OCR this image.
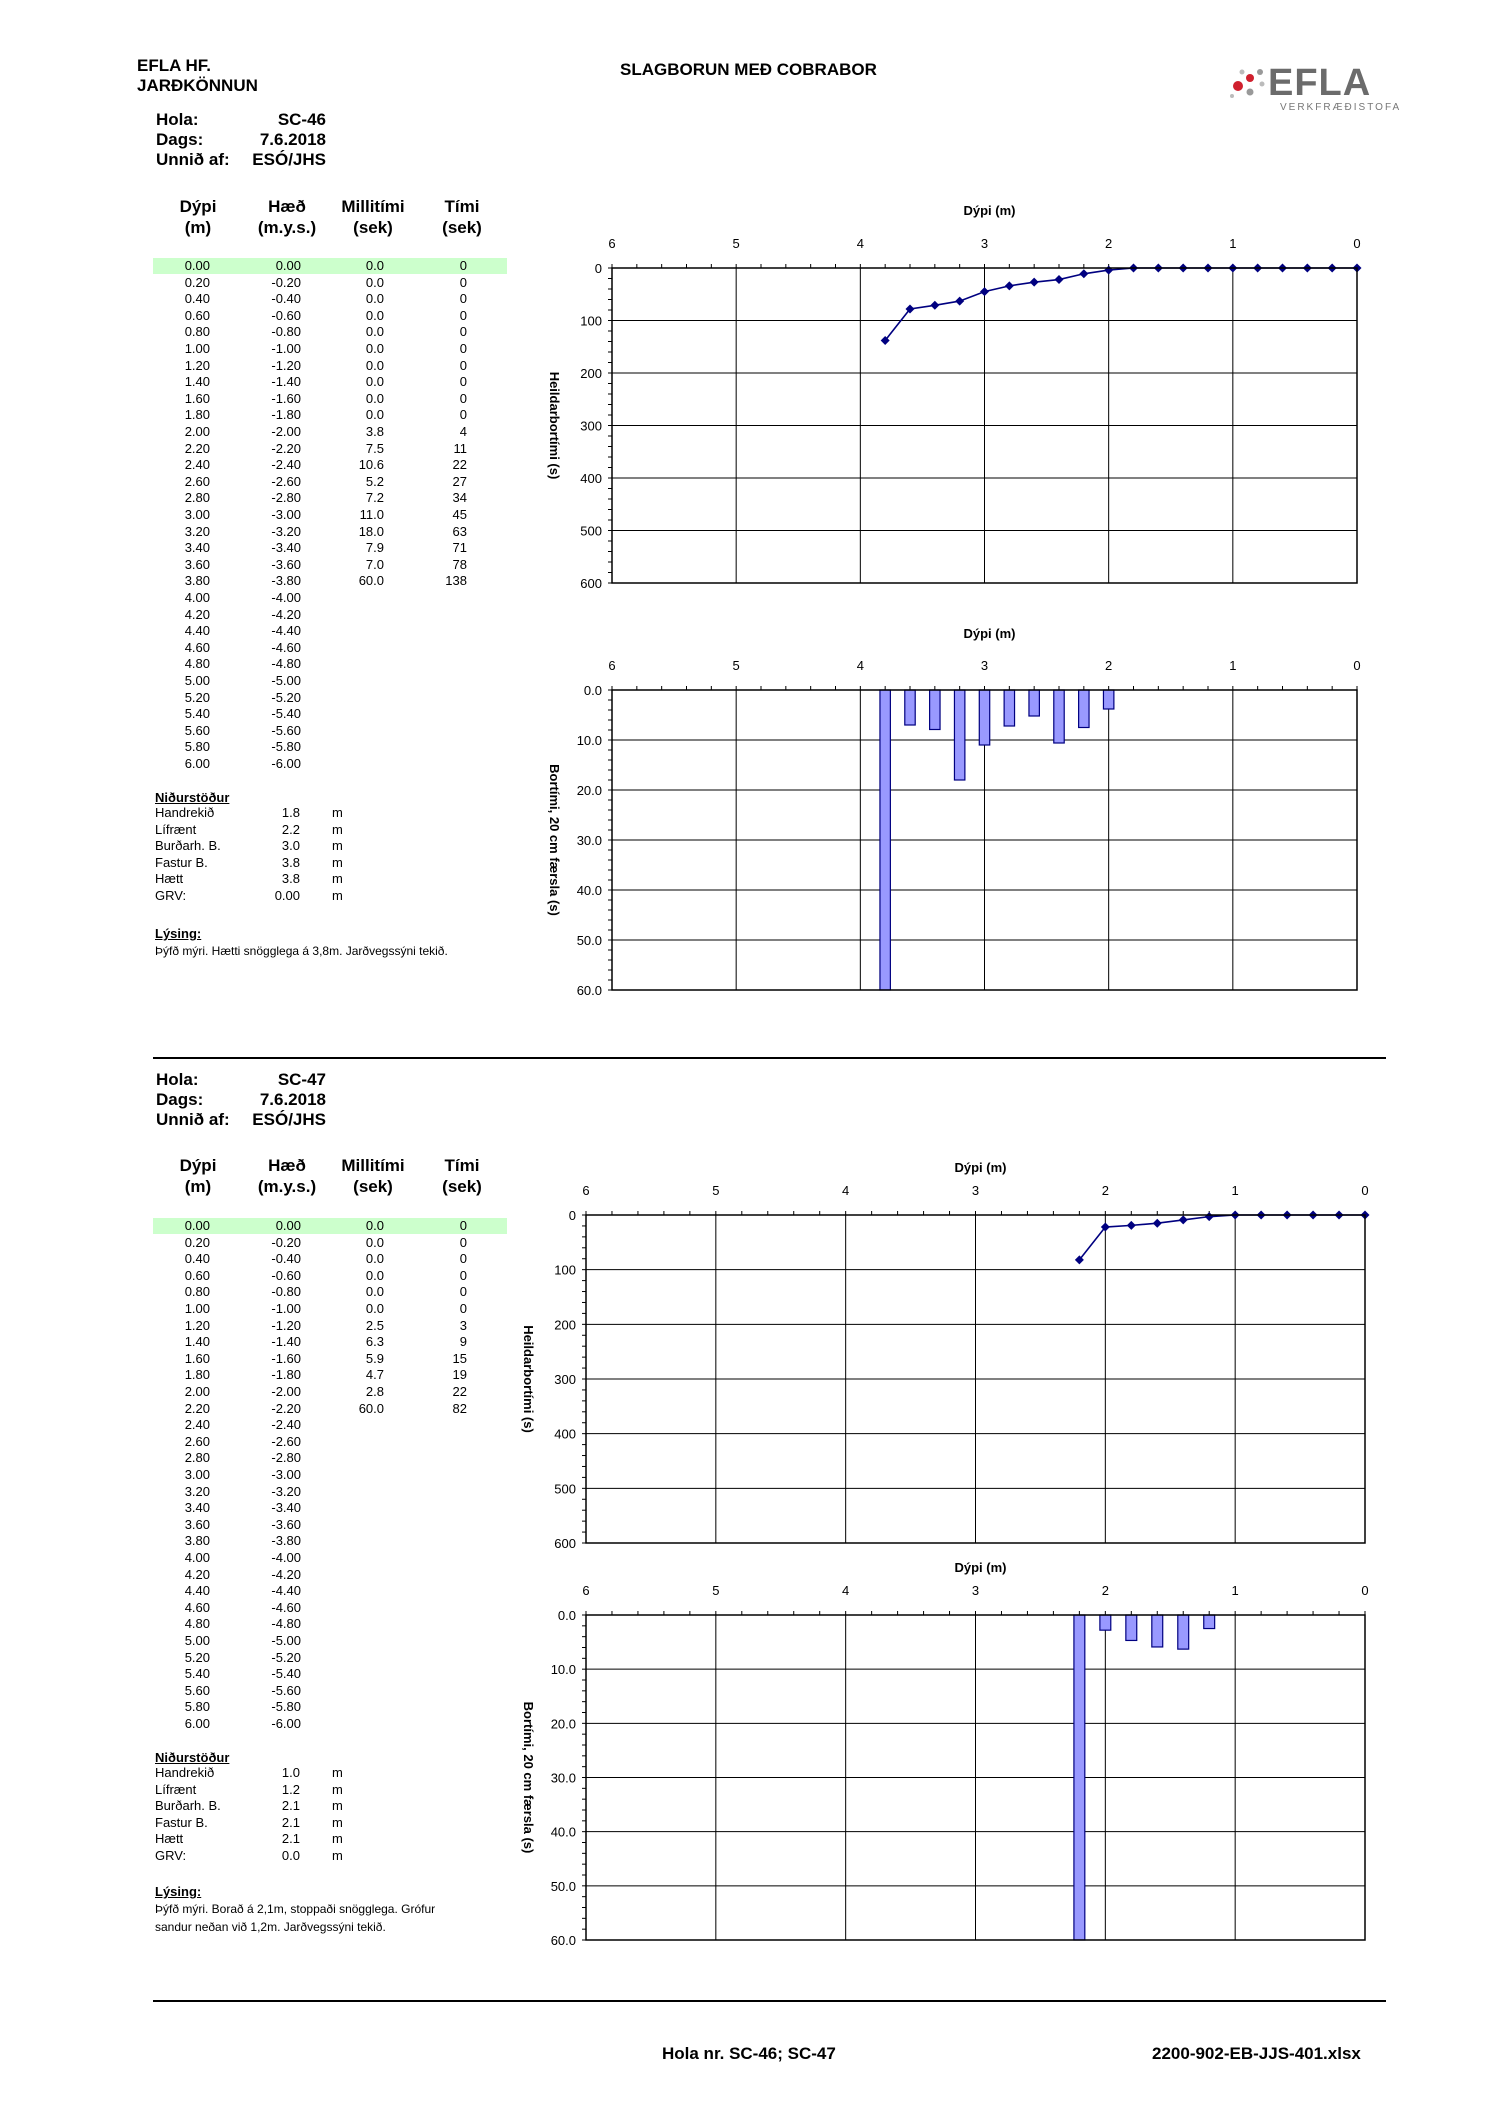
EFLA HF.
JARÐKÖNNUN
SLAGBORUN MEÐ COBRABOR	EFLA
VERKFRÆÐISTOFA
Hola nr. SC-46; SC-47	2200-902-EB-JJS-401.xlsx
Hola:	SC-46
Dags:	7.6.2018
Unnið af: ESÓ/JHS
Dýpi
(m)
Hæð
(m.y.s.)
Millitími
(sek)
Tími
(sek)
0.00	0.00	0.0	0
0.20	-0.20	0.0	0
0.40	-0.40	0.0	0
0.60	-0.60	0.0	0
0.80	-0.80	0.0	0
1.00	-1.00	0.0	0
1.20	-1.20	0.0	0
1.40	-1.40	0.0	0
1.60	-1.60	0.0	0
1.80	-1.80	0.0	0
2.00	-2.00	3.8	4
2.20	-2.20	7.5	11
2.40	-2.40	10.6	22
2.60	-2.60	5.2	27
2.80	-2.80	7.2	34
3.00	-3.00	11.0	45
3.20	-3.20	18.0	63
3.40	-3.40	7.9	71
3.60	-3.60	7.0	78
3.80	-3.80	60.0	138
4.00	-4.00
4.20	-4.20
4.40	-4.40
4.60	-4.60
4.80	-4.80
5.00	-5.00
5.20	-5.20
5.40	-5.40
5.60	-5.60
5.80	-5.80
6.00	-6.00
Niðurstöður
Handrekið	1.8 m
Lífrænt	2.2 m
Burðarh. B.	3.0 m
Fastur B.	3.8 m
Hætt	3.8 m
GRV:	0.00 m
Lýsing:
Þýfð mýri. Hætti snögglega á 3,8m. Jarðvegssýni tekið.
Hola:	SC-47
Dags:	7.6.2018
Unnið af: ESÓ/JHS
Dýpi
(m)
Hæð
(m.y.s.)
Millitími
(sek)
Tími
(sek)
0.00	0.00	0.0	0
0.20	-0.20	0.0	0
0.40	-0.40	0.0	0
0.60	-0.60	0.0	0
0.80	-0.80	0.0	0
1.00	-1.00	0.0	0
1.20	-1.20	2.5	3
1.40	-1.40	6.3	9
1.60	-1.60	5.9	15
1.80	-1.80	4.7	19
2.00	-2.00	2.8	22
2.20	-2.20	60.0	82
2.40	-2.40
2.60	-2.60
2.80	-2.80
3.00	-3.00
3.20	-3.20
3.40	-3.40
3.60	-3.60
3.80	-3.80
4.00	-4.00
4.20	-4.20
4.40	-4.40
4.60	-4.60
4.80	-4.80
5.00	-5.00
5.20	-5.20
5.40	-5.40
5.60	-5.60
5.80	-5.80
6.00	-6.00
Niðurstöður
Handrekið	1.0 m
Lífrænt	1.2 m
Burðarh. B.	2.1 m
Fastur B.	2.1 m
Hætt	2.1 m
GRV:	0.0 m
Lýsing:
Þýfð mýri. Borað á 2,1m, stoppaði snögglega. Grófur
sandur neðan við 1,2m. Jarðvegssýni tekið.
Dýpi (m)
0
100
200
300
400
500
600
6	5	4	3	2	1	0
Heildarbortími (s)
Dýpi (m)
0.0
10.0
20.0
30.0
40.0
50.0
60.0
6	5	4	3	2	1	0
Bortími, 20 cm færsla (s)
Dýpi (m)
0
100
200
300
400
500
600
6	5	4	3	2	1	0
Heildarbortími (s)
Dýpi (m)
0.0
10.0
20.0
30.0
40.0
50.0
60.0
6	5	4	3	2	1	0
Bortími, 20 cm færsla (s)
